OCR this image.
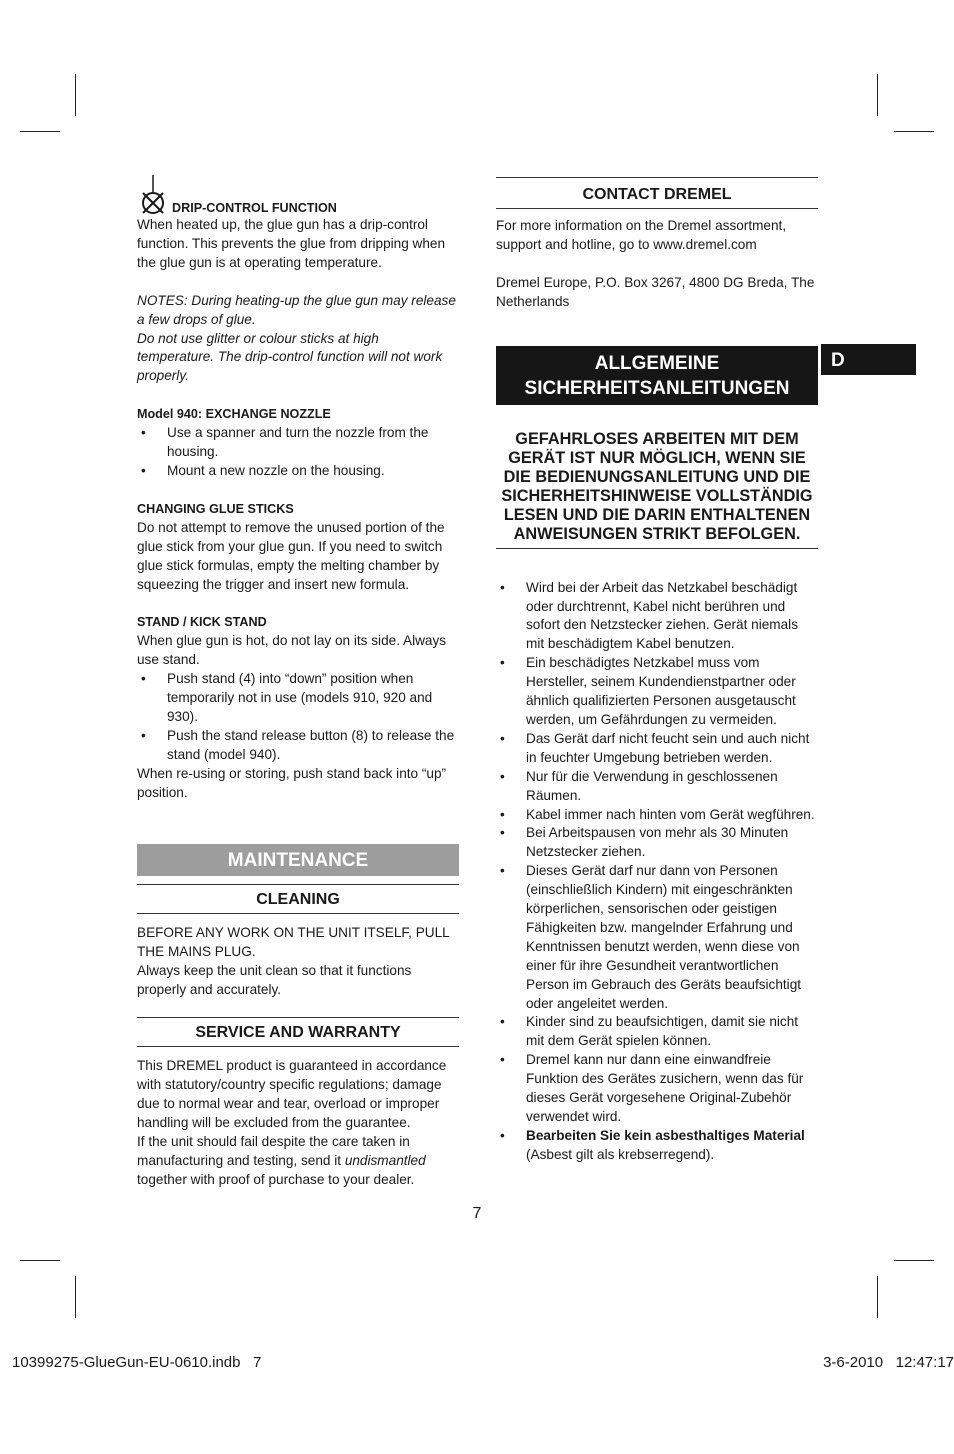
DRIP-CONTROL FUNCTION

When heated up, the glue gun has a drip-control function. This prevents the glue from dripping when the glue gun is at operating temperature.

NOTES: During heating-up the glue gun may release a few drops of glue.

Do not use glitter or colour sticks at high temperature. The drip-control function will not work properly.

Model 940: EXCHANGE NOZZLE

• Use a spanner and turn the nozzle from the housing.
• Mount a new nozzle on the housing.

CHANGING GLUE STICKS

Do not attempt to remove the unused portion of the glue stick from your glue gun. If you need to switch glue stick formulas, empty the melting chamber by squeezing the trigger and insert new formula.

STAND / KICK STAND

When glue gun is hot, do not lay on its side. Always use stand.

• Push stand (4) into “down” position when temporarily not in use (models 910, 920 and 930).
• Push the stand release button (8) to release the stand (model 940).

When re-using or storing, push stand back into “up” position.

MAINTENANCE
CLEANING

BEFORE ANY WORK ON THE UNIT ITSELF, PULL THE MAINS PLUG.

Always keep the unit clean so that it functions properly and accurately.

SERVICE AND WARRANTY

This DREMEL product is guaranteed in accordance with statutory/country specific regulations; damage due to normal wear and tear, overload or improper handling will be excluded from the guarantee.

If the unit should fail despite the care taken in manufacturing and testing, send it undismantled together with proof of purchase to your dealer.

CONTACT DREMEL

For more information on the Dremel assortment, support and hotline, go to www.dremel.com

Dremel Europe, P.O. Box 3267, 4800 DG Breda, The Netherlands

ALLGEMEINE
SICHERHEITSANLEITUNGEN
GEFAHRLOSES ARBEITEN MIT DEM GERÄT IST NUR MÖGLICH, WENN SIE DIE BEDIENUNGSANLEITUNG UND DIE SICHERHEITSHINWEISE VOLLSTÄNDIG LESEN UND DIE DARIN ENTHALTENEN ANWEISUNGEN STRIKT BEFOLGEN.
• Wird bei der Arbeit das Netzkabel beschädigt oder durchtrennt, Kabel nicht berühren und sofort den Netzstecker ziehen. Gerät niemals mit beschädigtem Kabel benutzen.
• Ein beschädigtes Netzkabel muss vom Hersteller, seinem Kundendienstpartner oder ähnlich qualifizierten Personen ausgetauscht werden, um Gefährdungen zu vermeiden.
• Das Gerät darf nicht feucht sein und auch nicht in feuchter Umgebung betrieben werden.
• Nur für die Verwendung in geschlossenen Räumen.
• Kabel immer nach hinten vom Gerät wegführen.
• Bei Arbeitspausen von mehr als 30 Minuten Netzstecker ziehen.
• Dieses Gerät darf nur dann von Personen (einschließlich Kindern) mit eingeschränkten körperlichen, sensorischen oder geistigen Fähigkeiten bzw. mangelnder Erfahrung und Kenntnissen benutzt werden, wenn diese von einer für ihre Gesundheit verantwortlichen Person im Gebrauch des Geräts beaufsichtigt oder angeleitet werden.
• Kinder sind zu beaufsichtigen, damit sie nicht mit dem Gerät spielen können.
• Dremel kann nur dann eine einwandfreie Funktion des Gerätes zusichern, wenn das für dieses Gerät vorgesehene Original-Zubehör verwendet wird.
• Bearbeiten Sie kein asbesthaltiges Material
(Asbest gilt als krebserregend).
D
7
10399275-GlueGun-EU-0610.indb   7	3-6-2010   12:47:17
